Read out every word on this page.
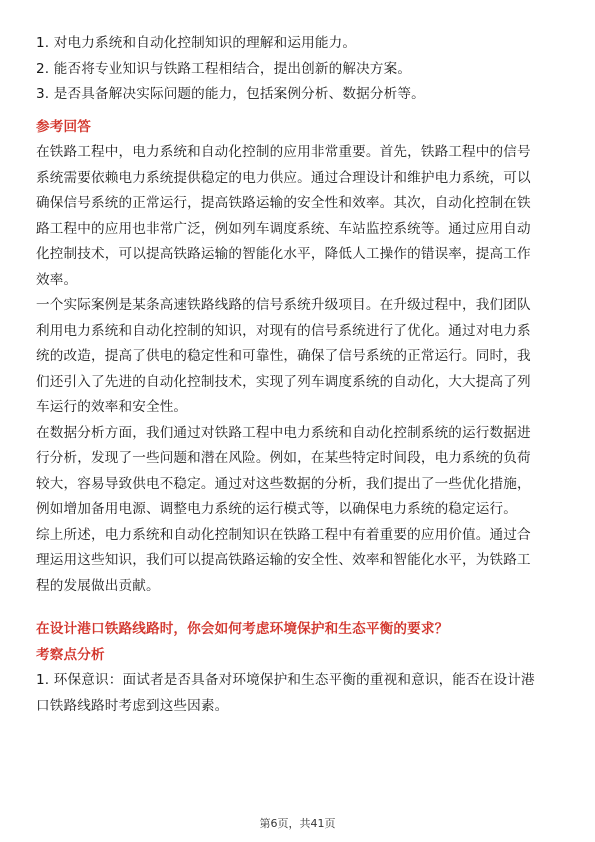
1. 对电力系统和自动化控制知识的理解和运用能力。
2. 能否将专业知识与铁路工程相结合，提出创新的解决方案。
3. 是否具备解决实际问题的能力，包括案例分析、数据分析等。
参考回答
在铁路工程中，电力系统和自动化控制的应用非常重要。首先，铁路工程中的信号
系统需要依赖电力系统提供稳定的电力供应。通过合理设计和维护电力系统，可以
确保信号系统的正常运行，提高铁路运输的安全性和效率。其次，自动化控制在铁
路工程中的应用也非常广泛，例如列车调度系统、车站监控系统等。通过应用自动
化控制技术，可以提高铁路运输的智能化水平，降低人工操作的错误率，提高工作
效率。
一个实际案例是某条高速铁路线路的信号系统升级项目。在升级过程中，我们团队
利用电力系统和自动化控制的知识，对现有的信号系统进行了优化。通过对电力系
统的改造，提高了供电的稳定性和可靠性，确保了信号系统的正常运行。同时，我
们还引入了先进的自动化控制技术，实现了列车调度系统的自动化，大大提高了列
车运行的效率和安全性。
在数据分析方面，我们通过对铁路工程中电力系统和自动化控制系统的运行数据进
行分析，发现了一些问题和潜在风险。例如，在某些特定时间段，电力系统的负荷
较大，容易导致供电不稳定。通过对这些数据的分析，我们提出了一些优化措施，
例如增加备用电源、调整电力系统的运行模式等，以确保电力系统的稳定运行。
综上所述，电力系统和自动化控制知识在铁路工程中有着重要的应用价值。通过合
理运用这些知识，我们可以提高铁路运输的安全性、效率和智能化水平，为铁路工
程的发展做出贡献。
在设计港口铁路线路时，你会如何考虑环境保护和生态平衡的要求？
考察点分析
1. 环保意识：面试者是否具备对环境保护和生态平衡的重视和意识，能否在设计港
口铁路线路时考虑到这些因素。
第6页，共41页
